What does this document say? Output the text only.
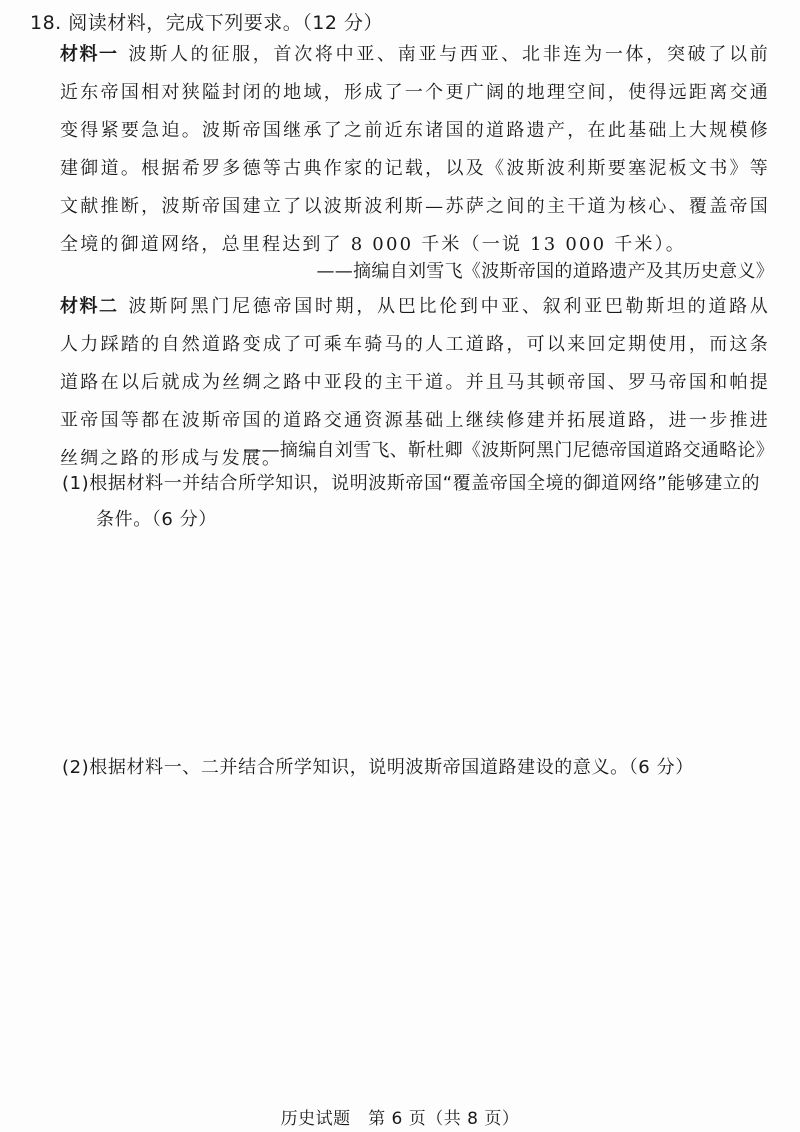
18. 阅读材料，完成下列要求。（12 分）
材料一 波斯人的征服，首次将中亚、南亚与西亚、北非连为一体，突破了以前近东帝国相对狭隘封闭的地域，形成了一个更广阔的地理空间，使得远距离交通变得紧要急迫。波斯帝国继承了之前近东诸国的道路遗产，在此基础上大规模修建御道。根据希罗多德等古典作家的记载，以及《波斯波利斯要塞泥板文书》等文献推断，波斯帝国建立了以波斯波利斯—苏萨之间的主干道为核心、覆盖帝国全境的御道网络，总里程达到了 8 000 千米（一说 13 000 千米）。
——摘编自刘雪飞《波斯帝国的道路遗产及其历史意义》
材料二 波斯阿黑门尼德帝国时期，从巴比伦到中亚、叙利亚巴勒斯坦的道路从人力踩踏的自然道路变成了可乘车骑马的人工道路，可以来回定期使用，而这条道路在以后就成为丝绸之路中亚段的主干道。并且马其顿帝国、罗马帝国和帕提亚帝国等都在波斯帝国的道路交通资源基础上继续修建并拓展道路，进一步推进丝绸之路的形成与发展。
——摘编自刘雪飞、靳杜卿《波斯阿黑门尼德帝国道路交通略论》
(1)根据材料一并结合所学知识，说明波斯帝国“覆盖帝国全境的御道网络”能够建立的
条件。（6 分）
(2)根据材料一、二并结合所学知识，说明波斯帝国道路建设的意义。（6 分）
历史试题　第 6 页（共 8 页）
